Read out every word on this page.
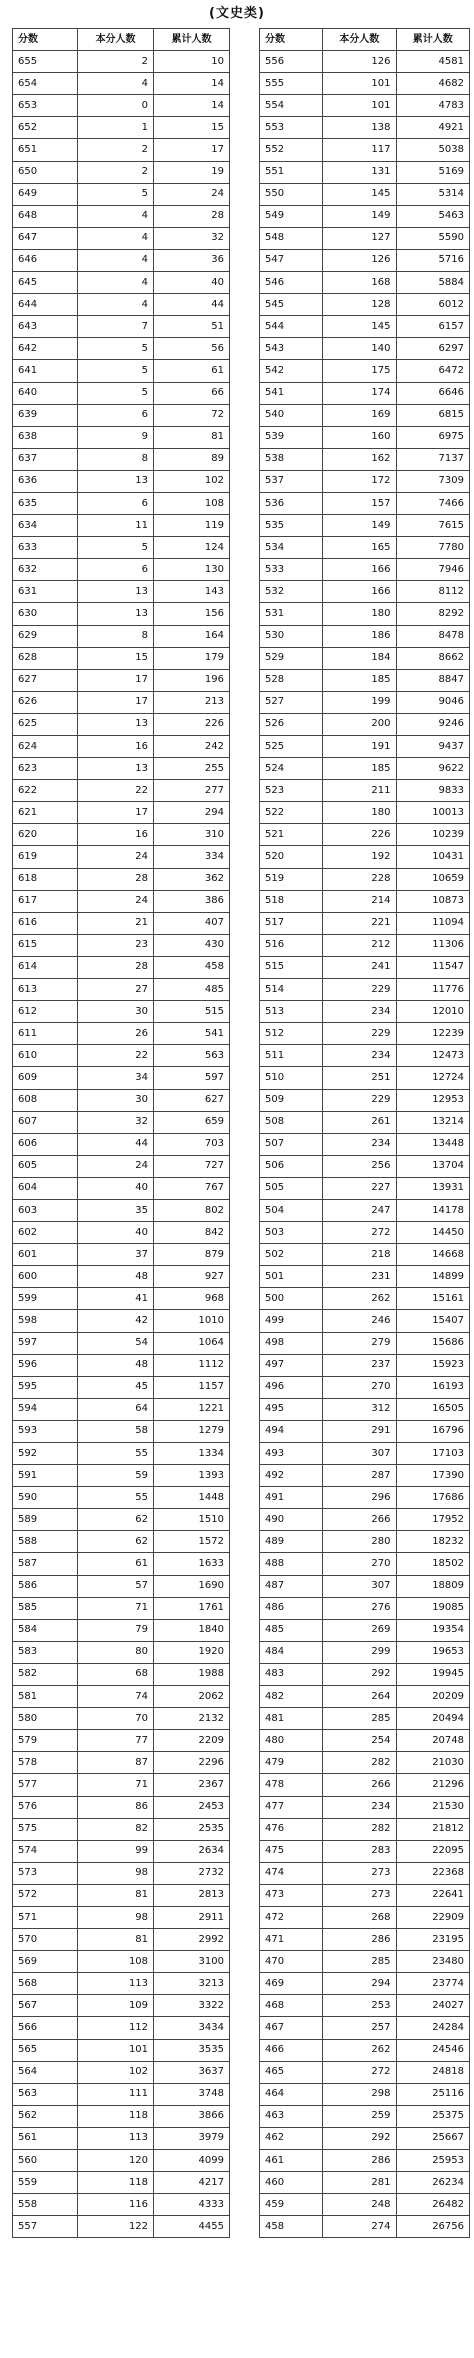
(文史类)
分数	本分人数	累计人数
655	2	10
654	4	14
653	0	14
652	1	15
651	2	17
650	2	19
649	5	24
648	4	28
647	4	32
646	4	36
645	4	40
644	4	44
643	7	51
642	5	56
641	5	61
640	5	66
639	6	72
638	9	81
637	8	89
636	13	102
635	6	108
634	11	119
633	5	124
632	6	130
631	13	143
630	13	156
629	8	164
628	15	179
627	17	196
626	17	213
625	13	226
624	16	242
623	13	255
622	22	277
621	17	294
620	16	310
619	24	334
618	28	362
617	24	386
616	21	407
615	23	430
614	28	458
613	27	485
612	30	515
611	26	541
610	22	563
609	34	597
608	30	627
607	32	659
606	44	703
605	24	727
604	40	767
603	35	802
602	40	842
601	37	879
600	48	927
599	41	968
598	42	1010
597	54	1064
596	48	1112
595	45	1157
594	64	1221
593	58	1279
592	55	1334
591	59	1393
590	55	1448
589	62	1510
588	62	1572
587	61	1633
586	57	1690
585	71	1761
584	79	1840
583	80	1920
582	68	1988
581	74	2062
580	70	2132
579	77	2209
578	87	2296
577	71	2367
576	86	2453
575	82	2535
574	99	2634
573	98	2732
572	81	2813
571	98	2911
570	81	2992
569	108	3100
568	113	3213
567	109	3322
566	112	3434
565	101	3535
564	102	3637
563	111	3748
562	118	3866
561	113	3979
560	120	4099
559	118	4217
558	116	4333
557	122	4455
分数	本分人数	累计人数
556	126	4581
555	101	4682
554	101	4783
553	138	4921
552	117	5038
551	131	5169
550	145	5314
549	149	5463
548	127	5590
547	126	5716
546	168	5884
545	128	6012
544	145	6157
543	140	6297
542	175	6472
541	174	6646
540	169	6815
539	160	6975
538	162	7137
537	172	7309
536	157	7466
535	149	7615
534	165	7780
533	166	7946
532	166	8112
531	180	8292
530	186	8478
529	184	8662
528	185	8847
527	199	9046
526	200	9246
525	191	9437
524	185	9622
523	211	9833
522	180	10013
521	226	10239
520	192	10431
519	228	10659
518	214	10873
517	221	11094
516	212	11306
515	241	11547
514	229	11776
513	234	12010
512	229	12239
511	234	12473
510	251	12724
509	229	12953
508	261	13214
507	234	13448
506	256	13704
505	227	13931
504	247	14178
503	272	14450
502	218	14668
501	231	14899
500	262	15161
499	246	15407
498	279	15686
497	237	15923
496	270	16193
495	312	16505
494	291	16796
493	307	17103
492	287	17390
491	296	17686
490	266	17952
489	280	18232
488	270	18502
487	307	18809
486	276	19085
485	269	19354
484	299	19653
483	292	19945
482	264	20209
481	285	20494
480	254	20748
479	282	21030
478	266	21296
477	234	21530
476	282	21812
475	283	22095
474	273	22368
473	273	22641
472	268	22909
471	286	23195
470	285	23480
469	294	23774
468	253	24027
467	257	24284
466	262	24546
465	272	24818
464	298	25116
463	259	25375
462	292	25667
461	286	25953
460	281	26234
459	248	26482
458	274	26756
